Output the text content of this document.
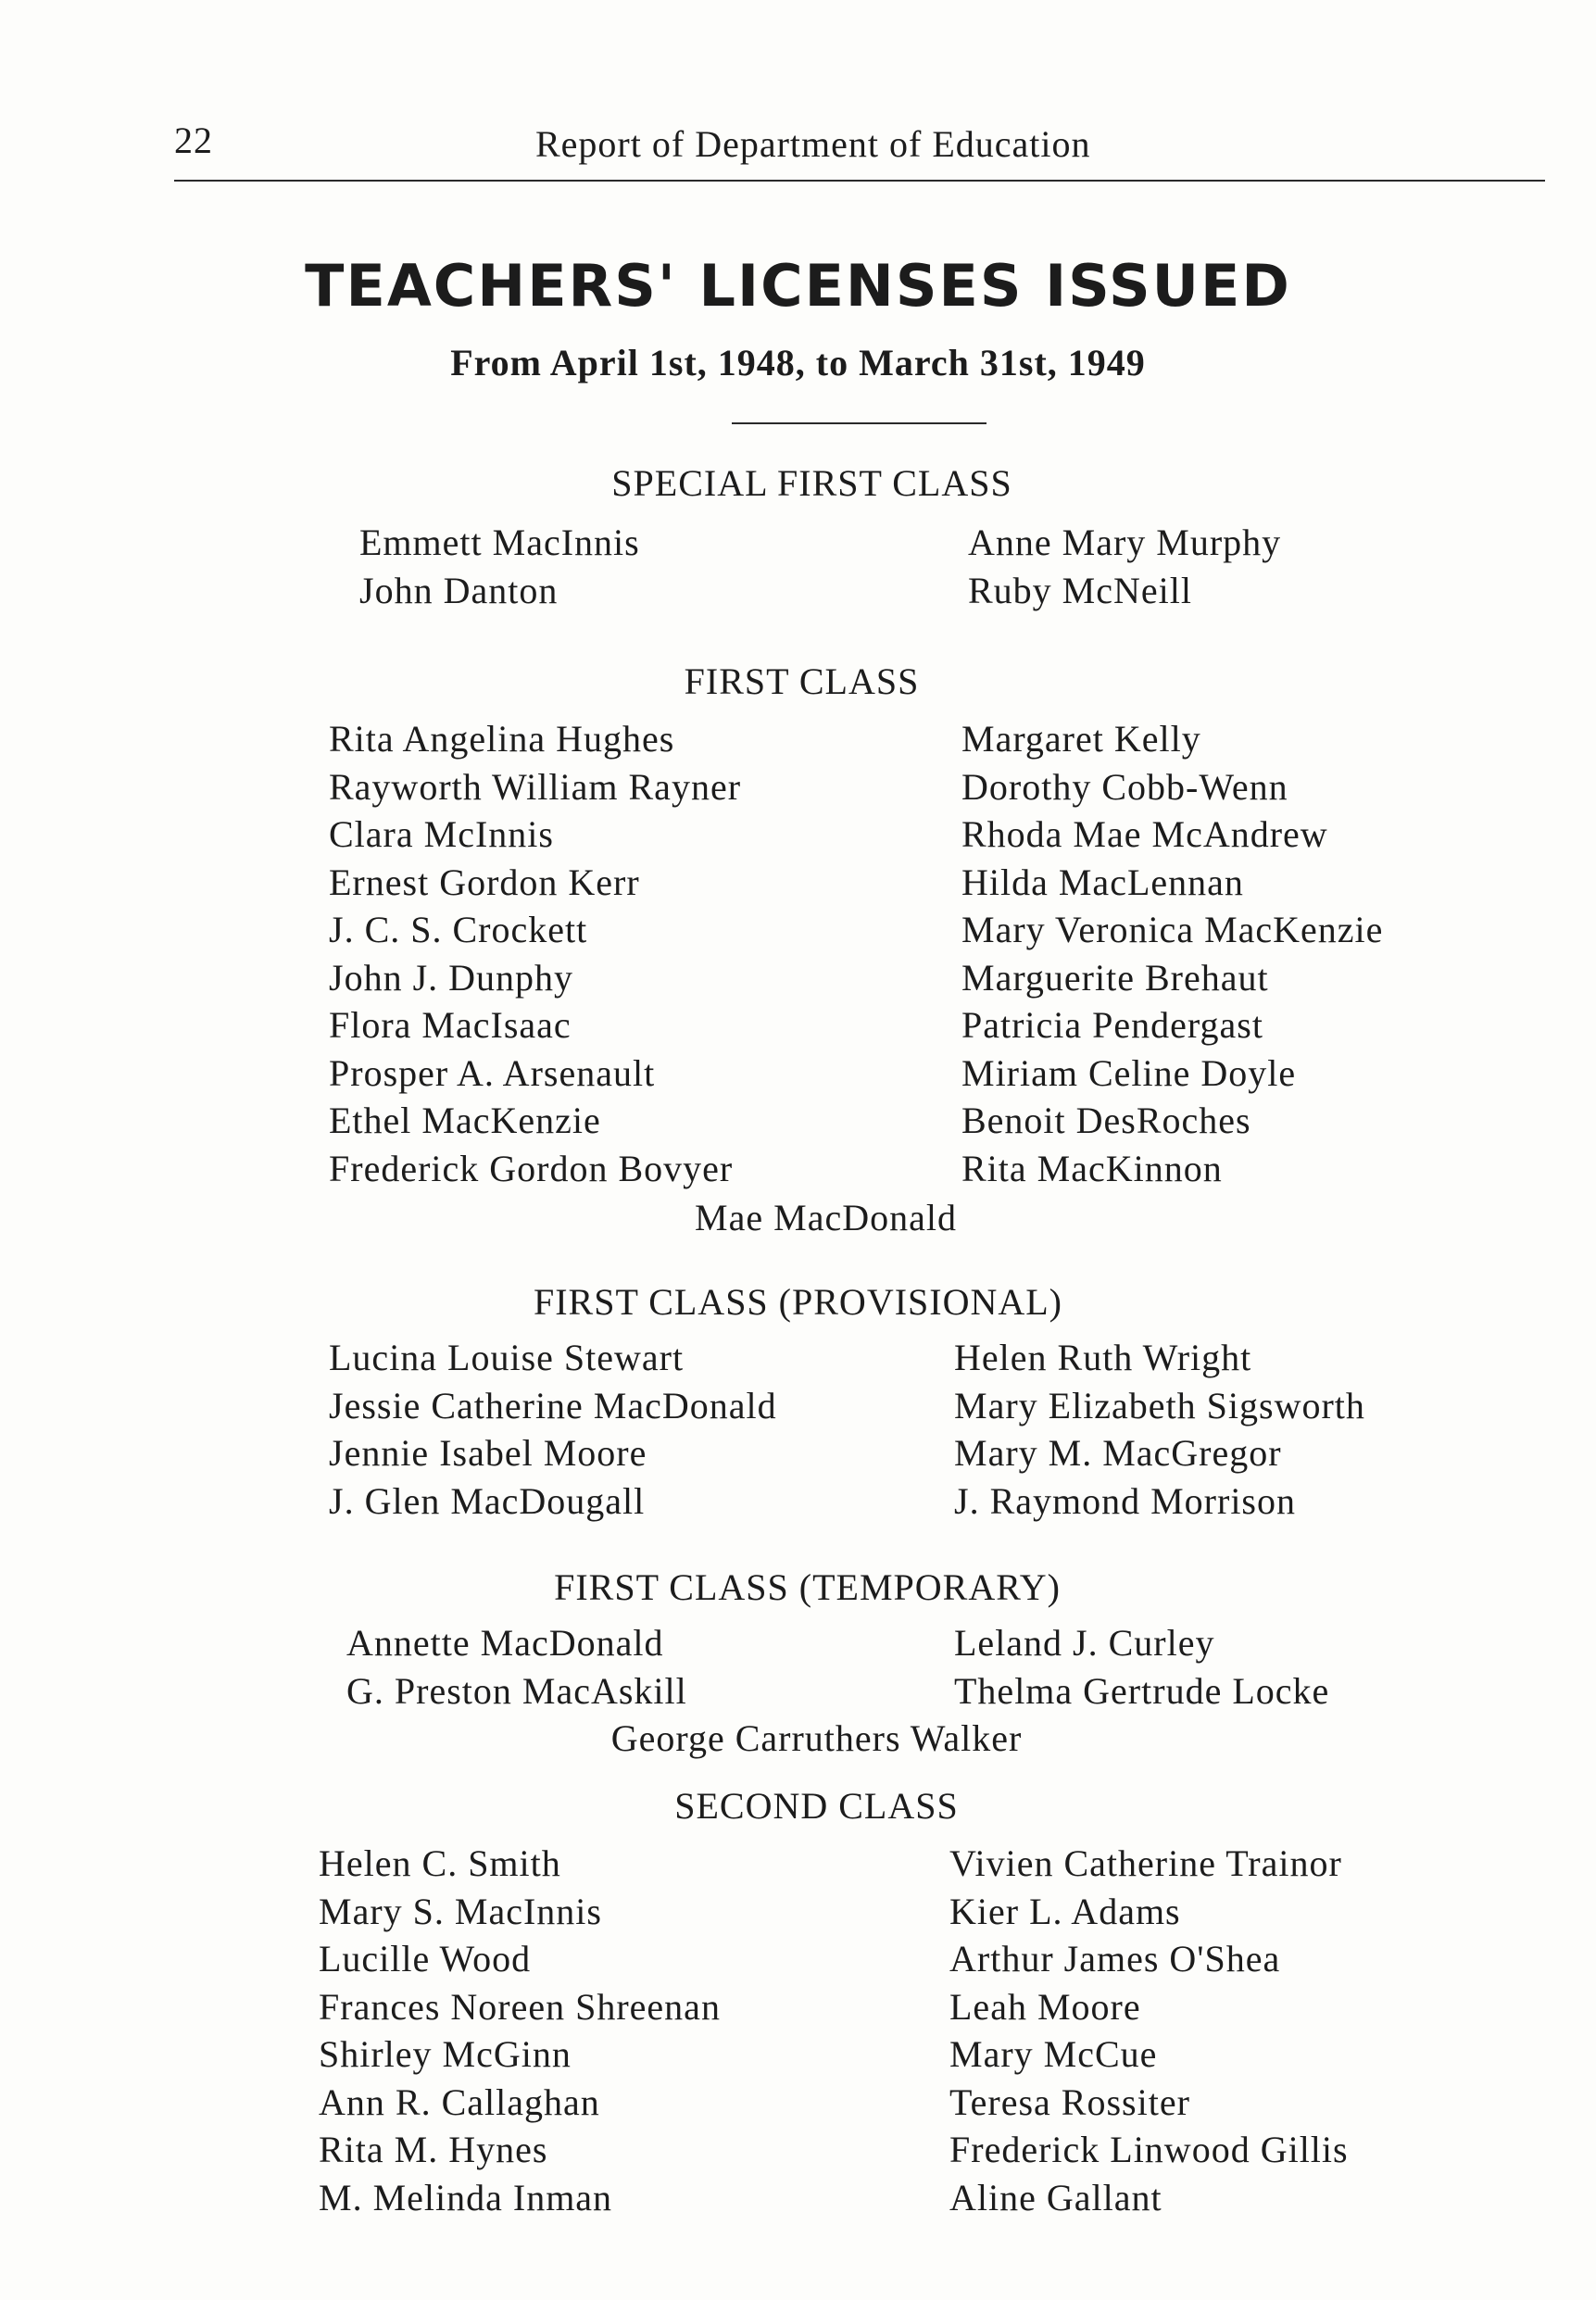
22	Report of Department of Education
TEACHERS' LICENSES ISSUED
From April 1st, 1948, to March 31st, 1949
SPECIAL FIRST CLASS
Emmett MacInnis
John Danton
Anne Mary Murphy
Ruby McNeill
FIRST CLASS
Rita Angelina Hughes
Rayworth William Rayner
Clara McInnis
Ernest Gordon Kerr
J. C. S. Crockett
John J. Dunphy
Flora MacIsaac
Prosper A. Arsenault
Ethel MacKenzie
Frederick Gordon Bovyer
Margaret Kelly
Dorothy Cobb-Wenn
Rhoda Mae McAndrew
Hilda MacLennan
Mary Veronica MacKenzie
Marguerite Brehaut
Patricia Pendergast
Miriam Celine Doyle
Benoit DesRoches
Rita MacKinnon
Mae MacDonald
FIRST CLASS (PROVISIONAL)
Lucina Louise Stewart
Jessie Catherine MacDonald
Jennie Isabel Moore
J. Glen MacDougall
Helen Ruth Wright
Mary Elizabeth Sigsworth
Mary M. MacGregor
J. Raymond Morrison
FIRST CLASS (TEMPORARY)
Annette MacDonald
G. Preston MacAskill
Leland J. Curley
Thelma Gertrude Locke
George Carruthers Walker
SECOND CLASS
Helen C. Smith
Mary S. MacInnis
Lucille Wood
Frances Noreen Shreenan
Shirley McGinn
Ann R. Callaghan
Rita M. Hynes
M. Melinda Inman
Vivien Catherine Trainor
Kier L. Adams
Arthur James O'Shea
Leah Moore
Mary McCue
Teresa Rossiter
Frederick Linwood Gillis
Aline Gallant
